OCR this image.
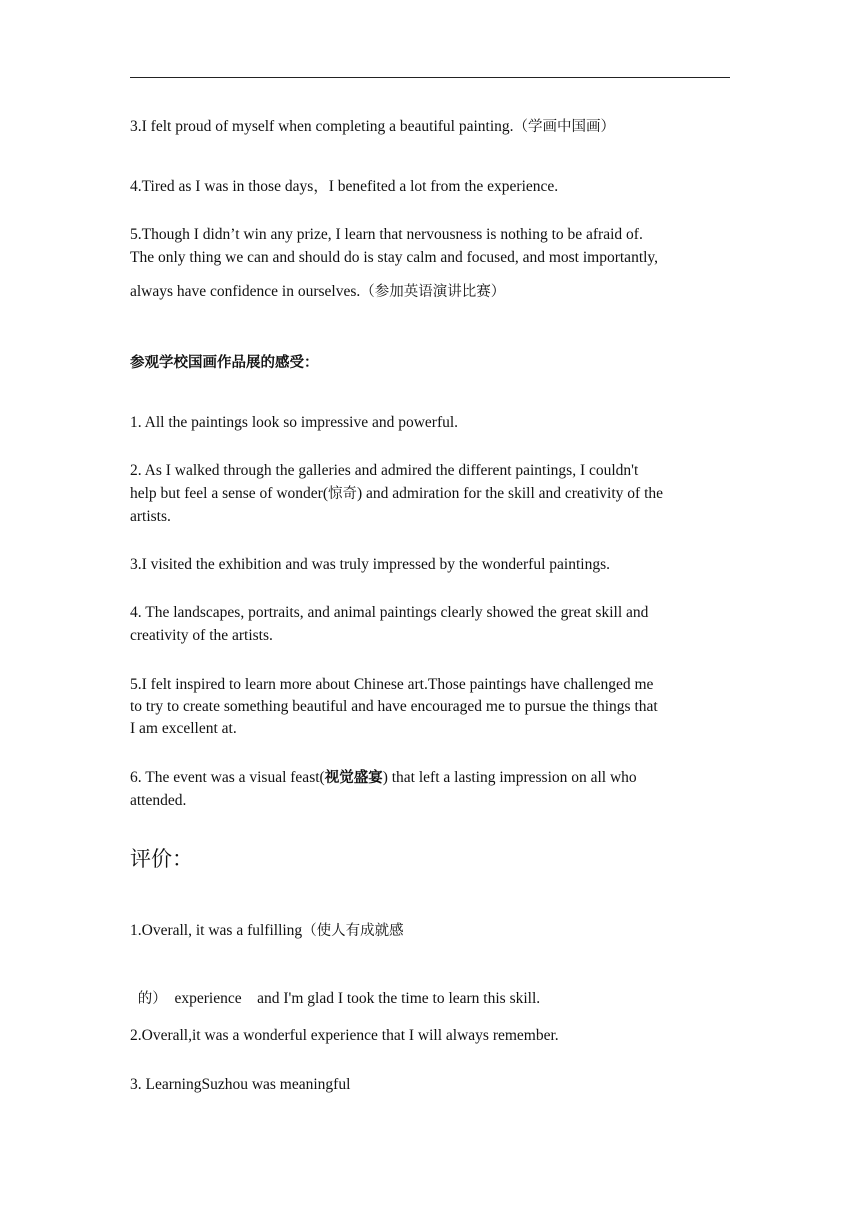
3.I felt proud of myself when completing a beautiful painting.（学画中国画）
4.Tired as I was in those days，I benefited a lot from the experience.
5.Though I didn’t win any prize, I learn that nervousness is nothing to be afraid of.
The only thing we can and should do is stay calm and focused, and most importantly,
always have confidence in ourselves.（参加英语演讲比赛）
参观学校国画作品展的感受：
1. All the paintings look so impressive and powerful.
2. As I walked through the galleries and admired the different paintings, I couldn't
help but feel a sense of wonder(惊奇) and admiration for the skill and creativity of the
artists.
3.I visited the exhibition and was truly impressed by the wonderful paintings.
4. The landscapes, portraits, and animal paintings clearly showed the great skill and
creativity of the artists.
5.I felt inspired to learn more about Chinese art.Those paintings have challenged me
to try to create something beautiful and have encouraged me to pursue the things that
I am excellent at.
6. The event was a visual feast(视觉盛宴) that left a lasting impression on all who
attended.
评价：
1.Overall, it was a fulfilling（使人有成就感

的）  experience    and I'm glad I took the time to learn this skill.

2.Overall,it was a wonderful experience that I will always remember.
3. LearningSuzhou was meaningful
